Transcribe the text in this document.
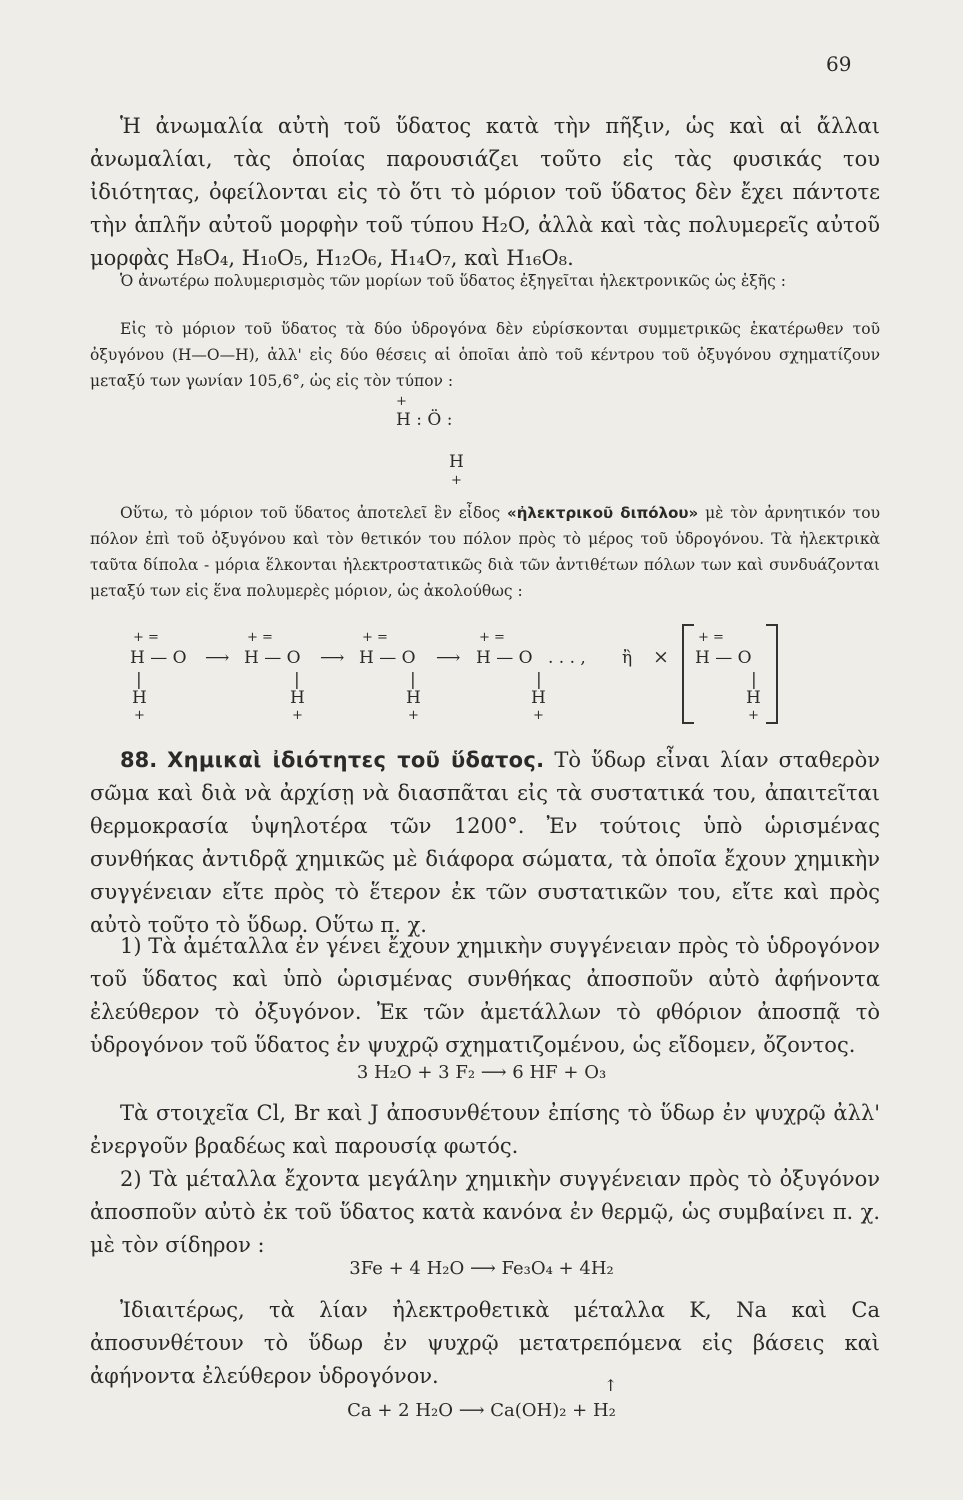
69
Ἡ ἀνωμαλία αὐτὴ τοῦ ὕδατος κατὰ τὴν πῆξιν, ὡς καὶ αἱ ἄλλαι ἀνωμαλίαι, τὰς ὁποίας παρουσιάζει τοῦτο εἰς τὰς φυσικάς του ἰδιότητας, ὀφείλονται εἰς τὸ ὅτι τὸ μόριον τοῦ ὕδατος δὲν ἔχει πάντοτε τὴν ἁπλῆν αὐτοῦ μορφὴν τοῦ τύπου H₂O, ἀλλὰ καὶ τὰς πολυμερεῖς αὐτοῦ μορφὰς H₈O₄, H₁₀O₅, H₁₂O₆, H₁₄O₇, καὶ H₁₆O₈.
Ὁ ἀνωτέρω πολυμερισμὸς τῶν μορίων τοῦ ὕδατος ἐξηγεῖται ἠλεκτρονικῶς ὡς ἑξῆς :
Εἰς τὸ μόριον τοῦ ὕδατος τὰ δύο ὑδρογόνα δὲν εὑρίσκονται συμμετρικῶς ἑκατέρωθεν τοῦ ὀξυγόνου (H—O—H), ἀλλ' εἰς δύο θέσεις αἱ ὁποῖαι ἀπὸ τοῦ κέντρου τοῦ ὀξυγόνου σχηματίζουν μεταξύ των γωνίαν 105,6°, ὡς εἰς τὸν τύπον :
+
H : Ö :
H
+
Οὕτω, τὸ μόριον τοῦ ὕδατος ἀποτελεῖ ἓν εἶδος «ἠλεκτρικοῦ διπόλου» μὲ τὸν ἀρνητικόν του πόλον ἐπὶ τοῦ ὀξυγόνου καὶ τὸν θετικόν του πόλον πρὸς τὸ μέρος τοῦ ὑδρογόνου. Τὰ ἠλεκτρικὰ ταῦτα δίπολα - μόρια ἕλκονται ἠλεκτροστατικῶς διὰ τῶν ἀντιθέτων πόλων των καὶ συνδυάζονται μεταξύ των εἰς ἕνα πολυμερὲς μόριον, ὡς ἀκολούθως :
+ =
H — O
|
H
+
⟶
+ =
H — O
|
H
+
⟶
+ =
H — O
|
H
+
⟶
+ =
H — O
|
H
+
. . . , ἢ ×
+ =
H — O
|
H
+
88. Χημικαὶ ἰδιότητες τοῦ ὕδατος. Τὸ ὕδωρ εἶναι λίαν σταθερὸν σῶμα καὶ διὰ νὰ ἀρχίσῃ νὰ διασπᾶται εἰς τὰ συστατικά του, ἀπαιτεῖται θερμοκρασία ὑψηλοτέρα τῶν 1200°. Ἐν τούτοις ὑπὸ ὡρισμένας συνθήκας ἀντιδρᾷ χημικῶς μὲ διάφορα σώματα, τὰ ὁποῖα ἔχουν χημικὴν συγγένειαν εἴτε πρὸς τὸ ἕτερον ἐκ τῶν συστατικῶν του, εἴτε καὶ πρὸς αὐτὸ τοῦτο τὸ ὕδωρ. Οὕτω π. χ.
1) Τὰ ἀμέταλλα ἐν γένει ἔχουν χημικὴν συγγένειαν πρὸς τὸ ὑδρογόνον τοῦ ὕδατος καὶ ὑπὸ ὡρισμένας συνθήκας ἀποσποῦν αὐτὸ ἀφήνοντα ἐλεύθερον τὸ ὀξυγόνον. Ἐκ τῶν ἀμετάλλων τὸ φθόριον ἀποσπᾷ τὸ ὑδρογόνον τοῦ ὕδατος ἐν ψυχρῷ σχηματιζομένου, ὡς εἴδομεν, ὄζοντος.
3 H₂O + 3 F₂ ⟶ 6 HF + O₃
Τὰ στοιχεῖα Cl, Br καὶ J ἀποσυνθέτουν ἐπίσης τὸ ὕδωρ ἐν ψυχρῷ ἀλλ' ἐνεργοῦν βραδέως καὶ παρουσίᾳ φωτός.
2) Τὰ μέταλλα ἔχοντα μεγάλην χημικὴν συγγένειαν πρὸς τὸ ὀξυγόνον ἀποσποῦν αὐτὸ ἐκ τοῦ ὕδατος κατὰ κανόνα ἐν θερμῷ, ὡς συμβαίνει π. χ. μὲ τὸν σίδηρον :
3Fe + 4 H₂O ⟶ Fe₃O₄ + 4H₂
Ἰδιαιτέρως, τὰ λίαν ἠλεκτροθετικὰ μέταλλα K, Na καὶ Ca ἀποσυνθέτουν τὸ ὕδωρ ἐν ψυχρῷ μετατρεπόμενα εἰς βάσεις καὶ ἀφήνοντα ἐλεύθερον ὑδρογόνον.	↑
Ca + 2 H₂O ⟶ Ca(OH)₂ + H₂
